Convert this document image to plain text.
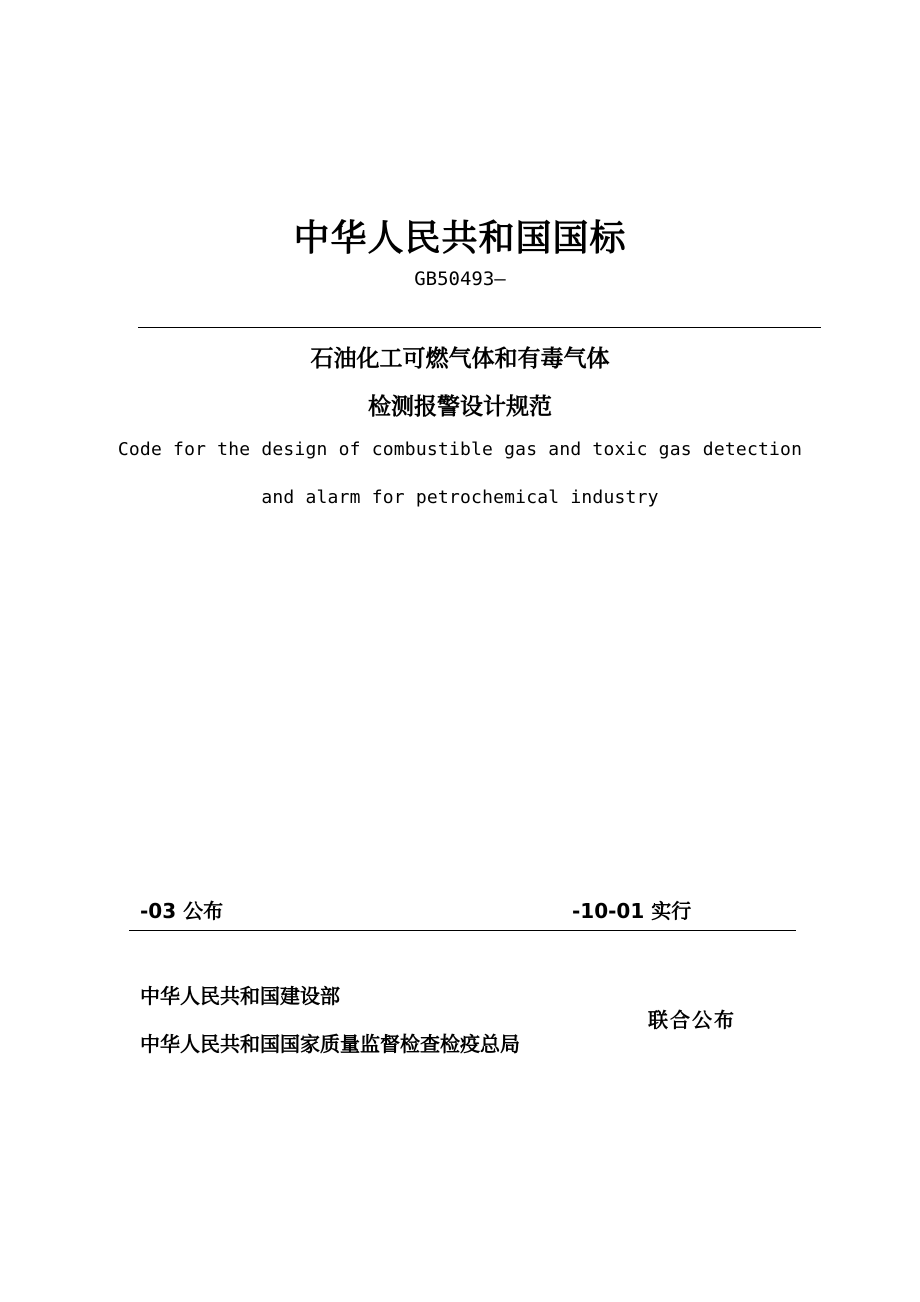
中华人民共和国国标
GB50493—
石油化工可燃气体和有毒气体
检测报警设计规范
Code for the design of combustible gas and toxic gas detection
and alarm for petrochemical industry
-03 公布	-10-01 实行
中华人民共和国建设部
中华人民共和国国家质量监督检查检疫总局
联合公布
